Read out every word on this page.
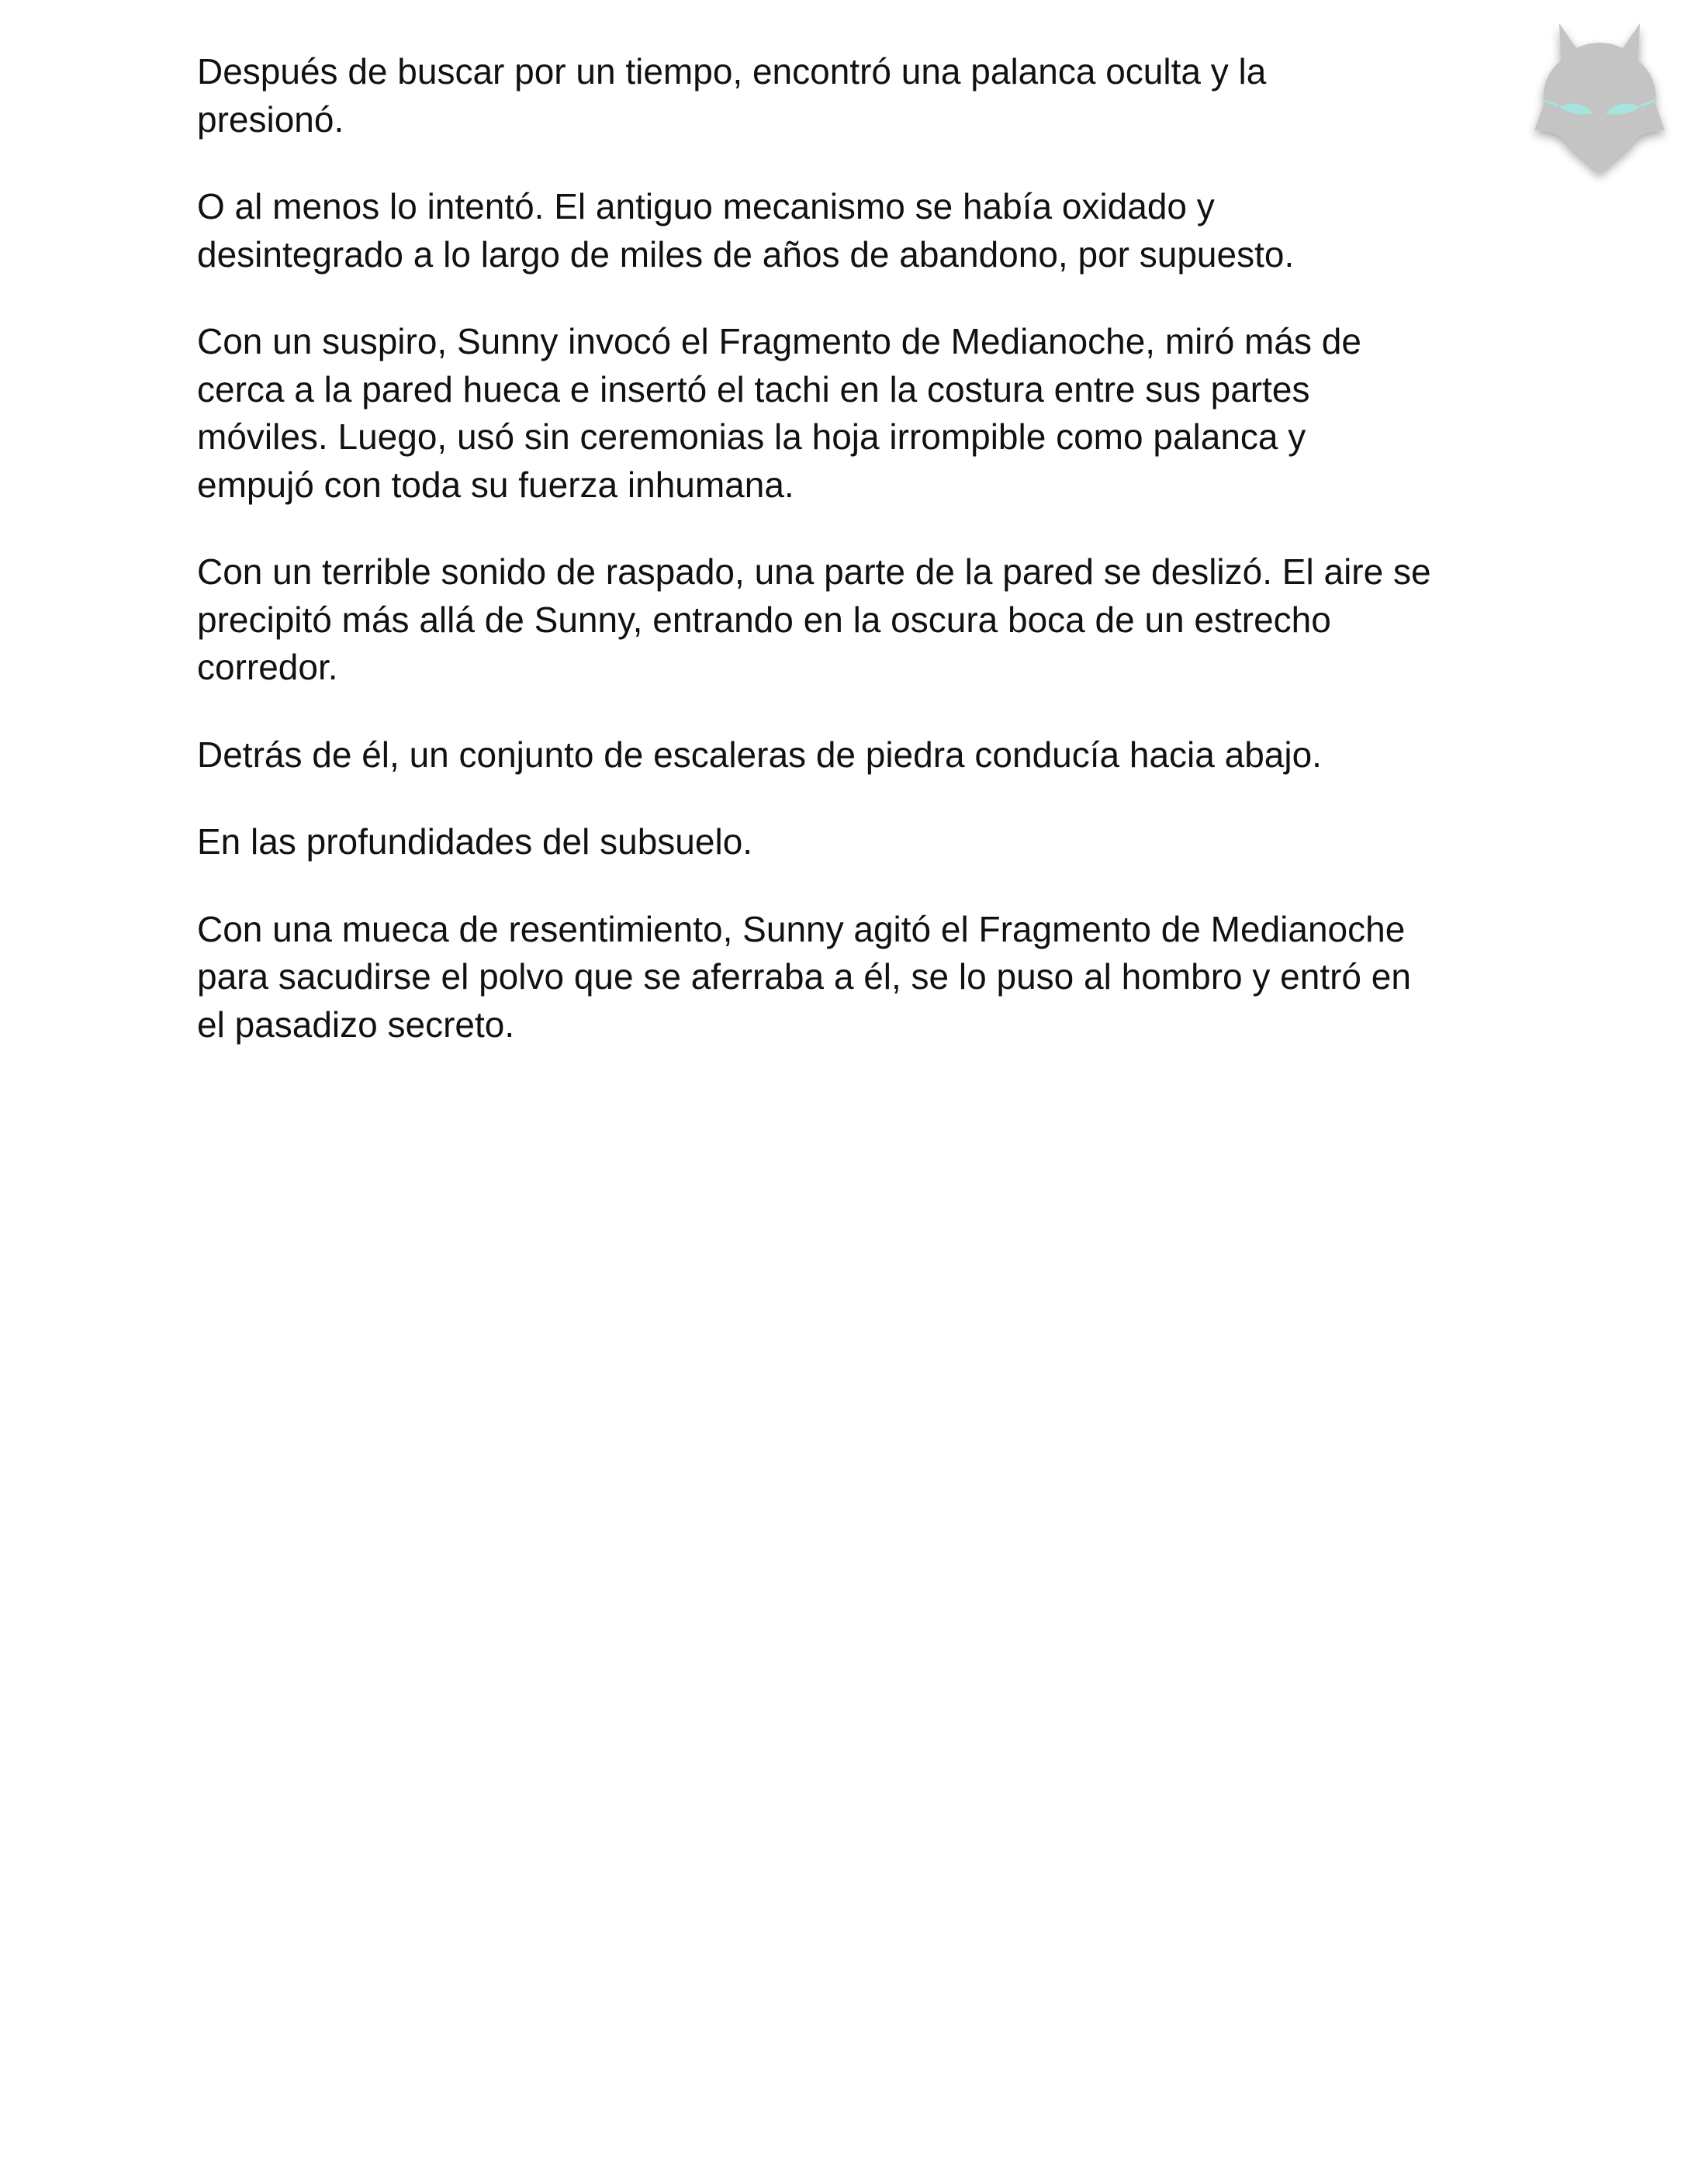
Después de buscar por un tiempo, encontró una palanca oculta y la
presionó.

O al menos lo intentó. El antiguo mecanismo se había oxidado y
desintegrado a lo largo de miles de años de abandono, por supuesto.

Con un suspiro, Sunny invocó el Fragmento de Medianoche, miró más de
cerca a la pared hueca e insertó el tachi en la costura entre sus partes
móviles. Luego, usó sin ceremonias la hoja irrompible como palanca y
empujó con toda su fuerza inhumana.

Con un terrible sonido de raspado, una parte de la pared se deslizó. El aire se
precipitó más allá de Sunny, entrando en la oscura boca de un estrecho
corredor.

Detrás de él, un conjunto de escaleras de piedra conducía hacia abajo.

En las profundidades del subsuelo.

Con una mueca de resentimiento, Sunny agitó el Fragmento de Medianoche
para sacudirse el polvo que se aferraba a él, se lo puso al hombro y entró en
el pasadizo secreto.
